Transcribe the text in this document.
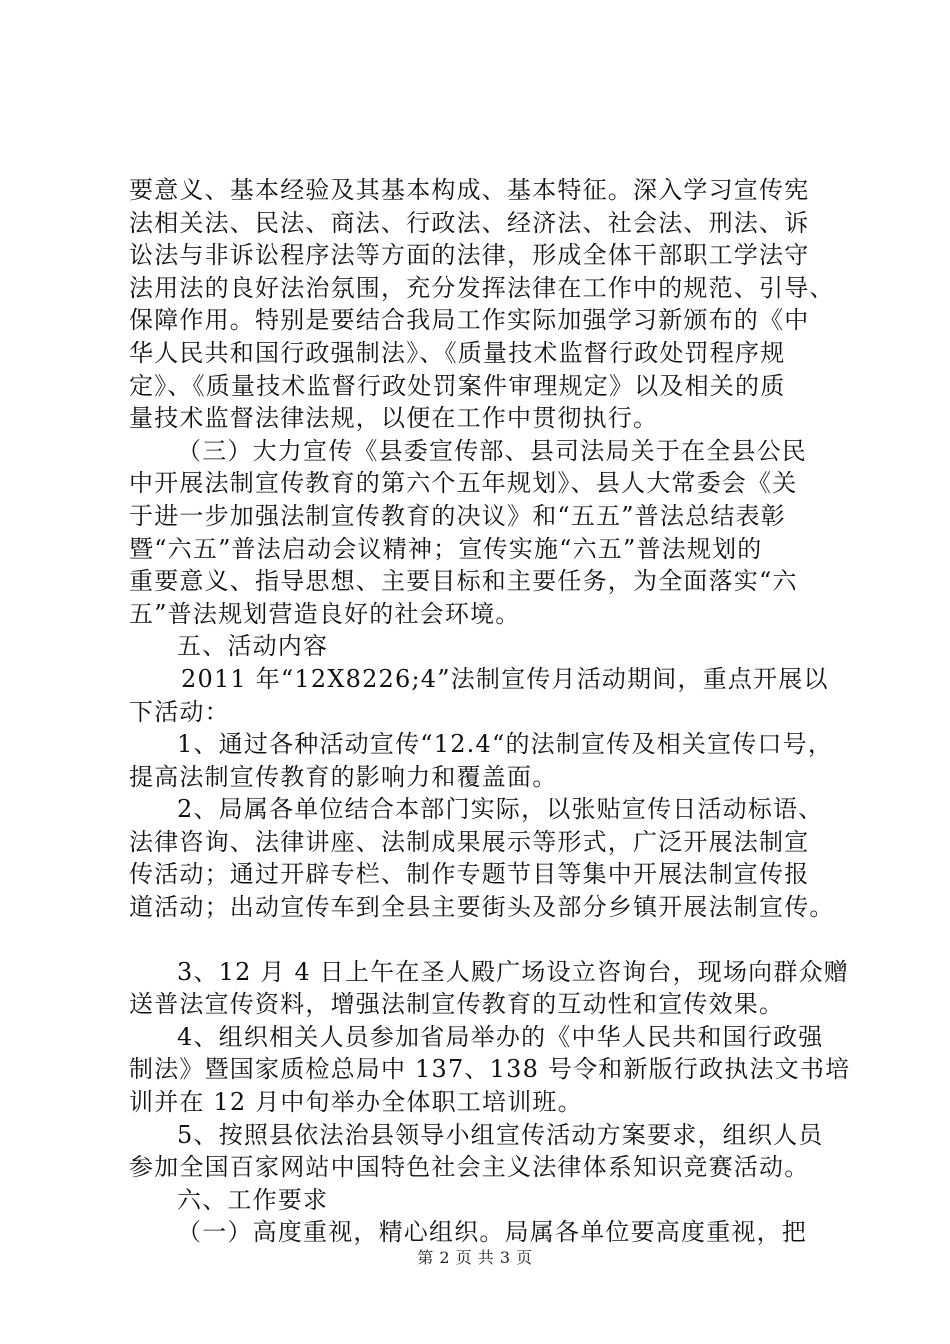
要意义、基本经验及其基本构成、基本特征。深入学习宣传宪
法相关法、民法、商法、行政法、经济法、社会法、刑法、诉
讼法与非诉讼程序法等方面的法律，形成全体干部职工学法守
法用法的良好法治氛围，充分发挥法律在工作中的规范、引导、
保障作用。特别是要结合我局工作实际加强学习新颁布的《中
华人民共和国行政强制法》、《质量技术监督行政处罚程序规
定》、《质量技术监督行政处罚案件审理规定》以及相关的质
量技术监督法律法规，以便在工作中贯彻执行。
（三）大力宣传《县委宣传部、县司法局关于在全县公民
中开展法制宣传教育的第六个五年规划》、县人大常委会《关
于进一步加强法制宣传教育的决议》和“五五”普法总结表彰
暨“六五”普法启动会议精神；宣传实施“六五”普法规划的
重要意义、指导思想、主要目标和主要任务，为全面落实“六
五”普法规划营造良好的社会环境。
五、活动内容
2011 年“12X8226;4”法制宣传月活动期间，重点开展以
下活动：
1、通过各种活动宣传“12.4“的法制宣传及相关宣传口号，
提高法制宣传教育的影响力和覆盖面。
2、局属各单位结合本部门实际，以张贴宣传日活动标语、
法律咨询、法律讲座、法制成果展示等形式，广泛开展法制宣
传活动；通过开辟专栏、制作专题节目等集中开展法制宣传报
道活动；出动宣传车到全县主要街头及部分乡镇开展法制宣传。
3、12 月 4 日上午在圣人殿广场设立咨询台，现场向群众赠
送普法宣传资料，增强法制宣传教育的互动性和宣传效果。
4、组织相关人员参加省局举办的《中华人民共和国行政强
制法》暨国家质检总局中 137、138 号令和新版行政执法文书培
训并在 12 月中旬举办全体职工培训班。
5、按照县依法治县领导小组宣传活动方案要求，组织人员
参加全国百家网站中国特色社会主义法律体系知识竞赛活动。
六、工作要求
（一）高度重视，精心组织。局属各单位要高度重视，把
第 2 页 共 3 页
